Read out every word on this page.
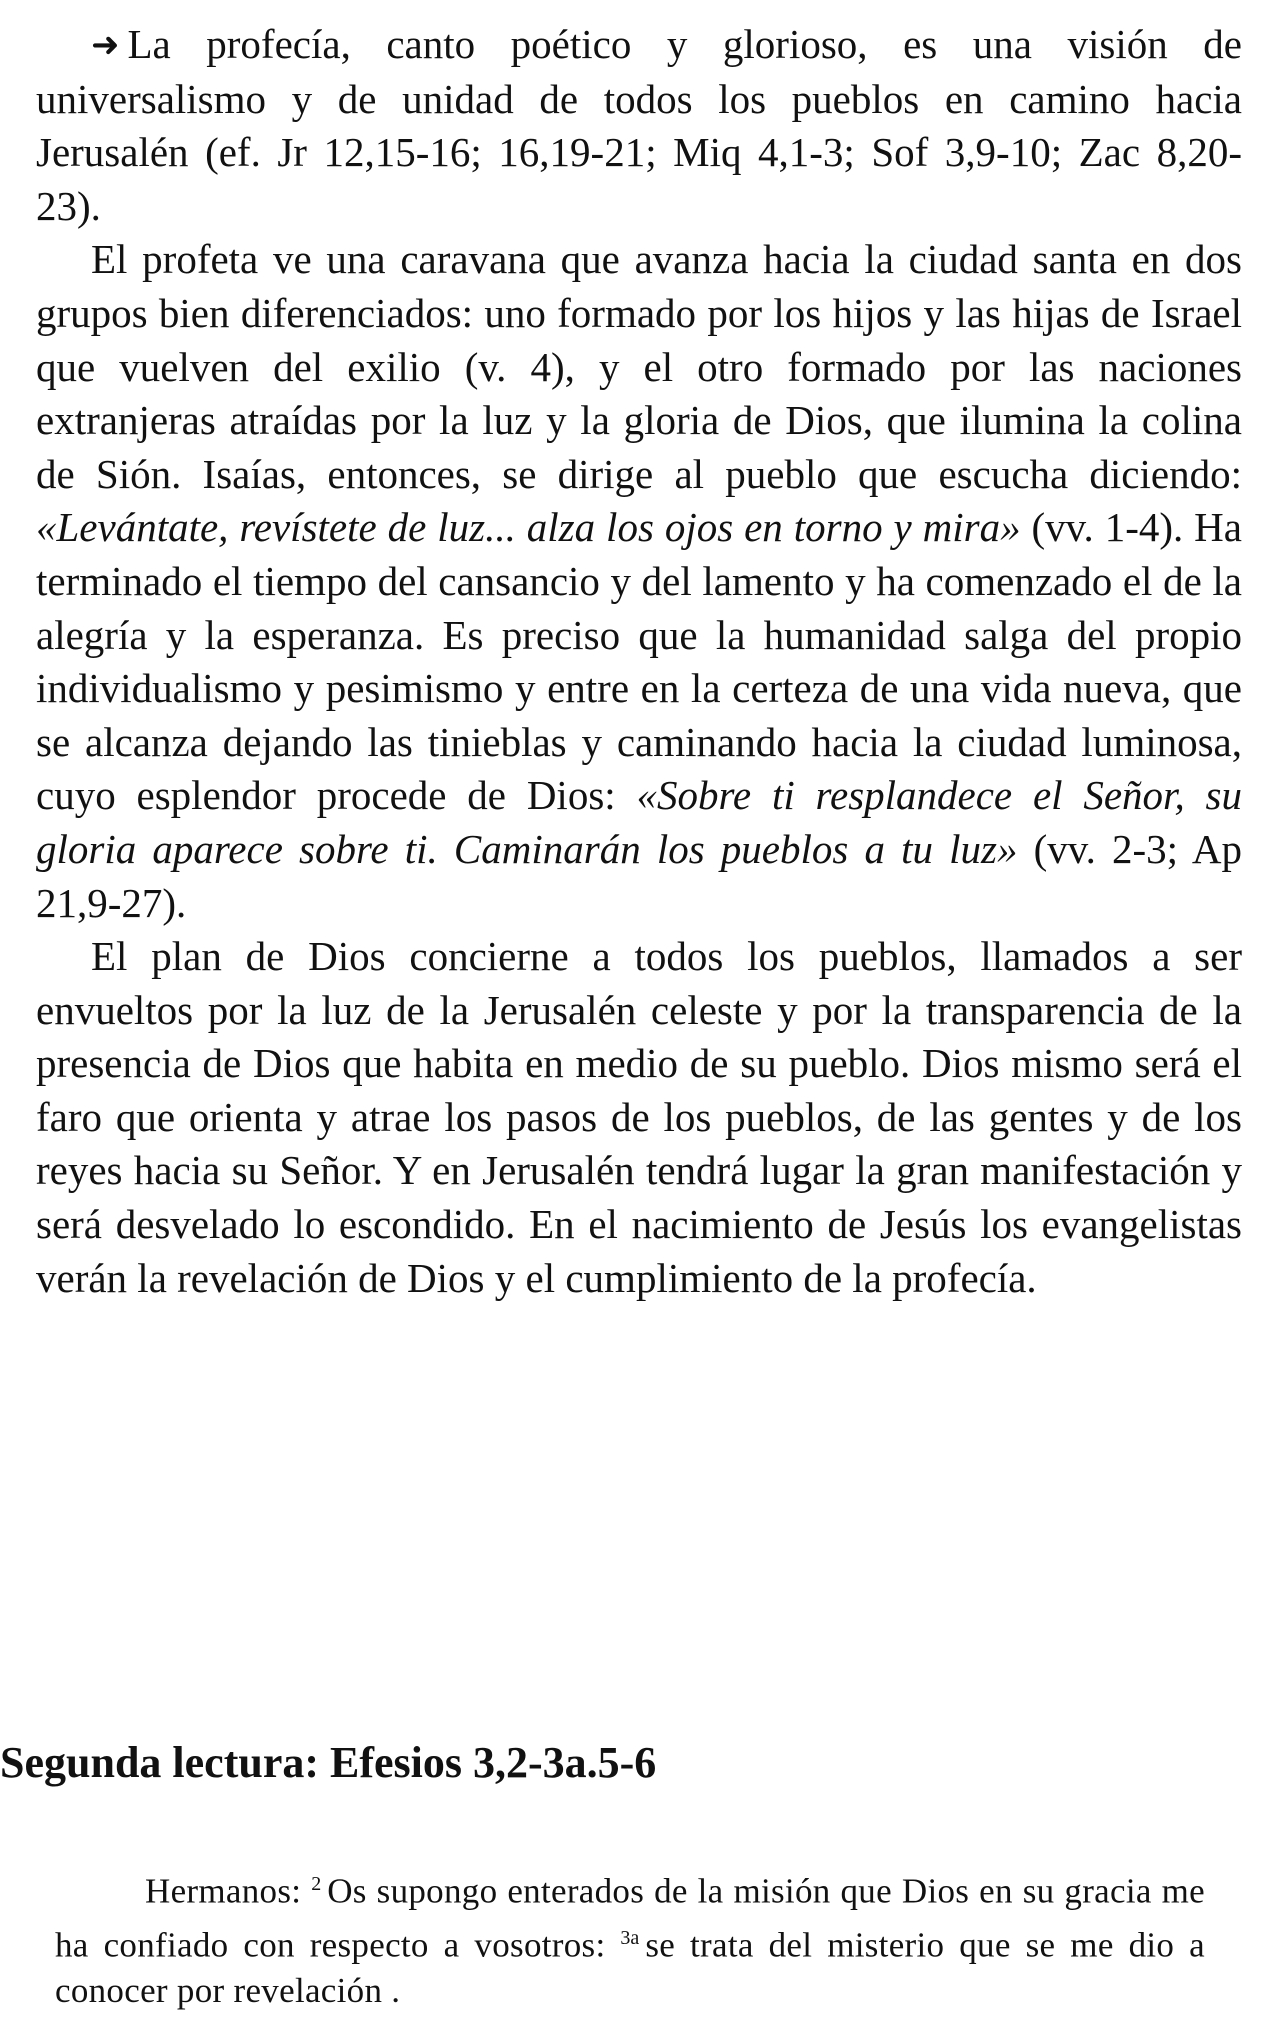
➜ La profecía, canto poético y glorioso, es una visión de universalismo y de unidad de todos los pueblos en camino hacia Jerusalén (ef. Jr 12,15-16; 16,19-21; Miq 4,1-3; Sof 3,9-10; Zac 8,20-23).

El profeta ve una caravana que avanza hacia la ciudad santa en dos grupos bien diferenciados: uno formado por los hijos y las hijas de Israel que vuelven del exilio (v. 4), y el otro formado por las naciones extranjeras atraídas por la luz y la gloria de Dios, que ilumina la colina de Sión. Isaías, entonces, se dirige al pueblo que escucha diciendo: «Levántate, revístete de luz... alza los ojos en torno y mira» (vv. 1-4). Ha terminado el tiempo del cansancio y del lamento y ha comenzado el de la alegría y la esperanza. Es preciso que la humanidad salga del propio individualismo y pesimismo y entre en la certeza de una vida nueva, que se alcanza dejando las tinieblas y caminando hacia la ciudad luminosa, cuyo esplendor procede de Dios: «Sobre ti resplandece el Señor, su gloria aparece sobre ti. Caminarán los pueblos a tu luz» (vv. 2-3; Ap 21,9-27).

El plan de Dios concierne a todos los pueblos, llamados a ser envueltos por la luz de la Jerusalén celeste y por la transparencia de la presencia de Dios que habita en medio de su pueblo. Dios mismo será el faro que orienta y atrae los pasos de los pueblos, de las gentes y de los reyes hacia su Señor. Y en Jerusalén tendrá lugar la gran manifestación y será desvelado lo escondido. En el nacimiento de Jesús los evangelistas verán la revelación de Dios y el cumplimiento de la profecía.

Segunda lectura: Efesios 3,2-3a.5-6

Hermanos: $^2$ Os supongo enterados de la misión que Dios en su gracia me ha confiado con respecto a vosotros: $^{3a}$ se trata del misterio que se me dio a conocer por revelación .
